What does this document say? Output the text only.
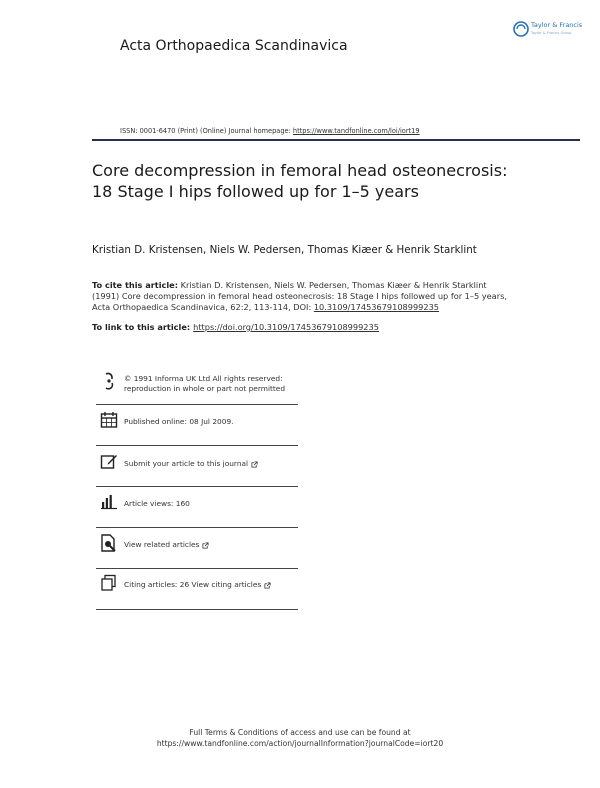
Acta Orthopaedica Scandinavica
Taylor & Francis
Taylor & Francis Group
ISSN: 0001-6470 (Print) (Online) Journal homepage: https://www.tandfonline.com/loi/iort19
Core decompression in femoral head osteonecrosis: 18 Stage I hips followed up for 1–5 years
Kristian D. Kristensen, Niels W. Pedersen, Thomas Kiæer & Henrik Starklint
To cite this article: Kristian D. Kristensen, Niels W. Pedersen, Thomas Kiæer & Henrik Starklint (1991) Core decompression in femoral head osteonecrosis: 18 Stage I hips followed up for 1–5 years, Acta Orthopaedica Scandinavica, 62:2, 113-114, DOI: 10.3109/17453679108999235
To link to this article: https://doi.org/10.3109/17453679108999235
© 1991 Informa UK Ltd All rights reserved: reproduction in whole or part not permitted
Published online: 08 Jul 2009.
Submit your article to this journal
Article views: 160
View related articles
Citing articles: 26 View citing articles
Full Terms & Conditions of access and use can be found at
https://www.tandfonline.com/action/journalInformation?journalCode=iort20
